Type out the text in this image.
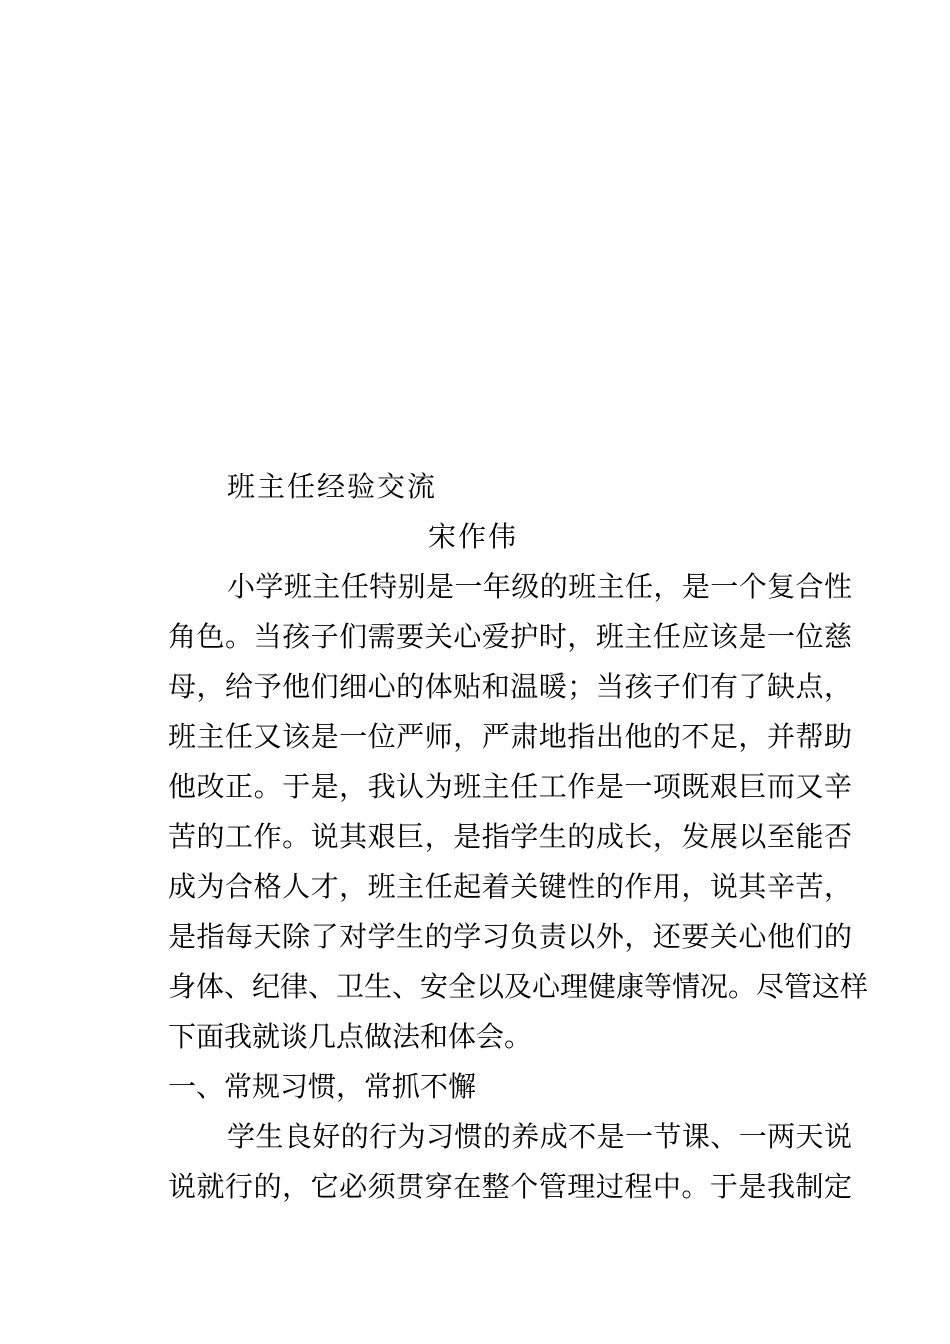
班主任经验交流
宋作伟
小学班主任特别是一年级的班主任，是一个复合性
角色。当孩子们需要关心爱护时，班主任应该是一位慈
母，给予他们细心的体贴和温暖；当孩子们有了缺点，
班主任又该是一位严师，严肃地指出他的不足，并帮助
他改正。于是，我认为班主任工作是一项既艰巨而又辛
苦的工作。说其艰巨，是指学生的成长，发展以至能否
成为合格人才，班主任起着关键性的作用，说其辛苦，
是指每天除了对学生的学习负责以外，还要关心他们的
身体、纪律、卫生、安全以及心理健康等情况。尽管这样
下面我就谈几点做法和体会。
一、常规习惯，常抓不懈
学生良好的行为习惯的养成不是一节课、一两天说
说就行的，它必须贯穿在整个管理过程中。于是我制定
